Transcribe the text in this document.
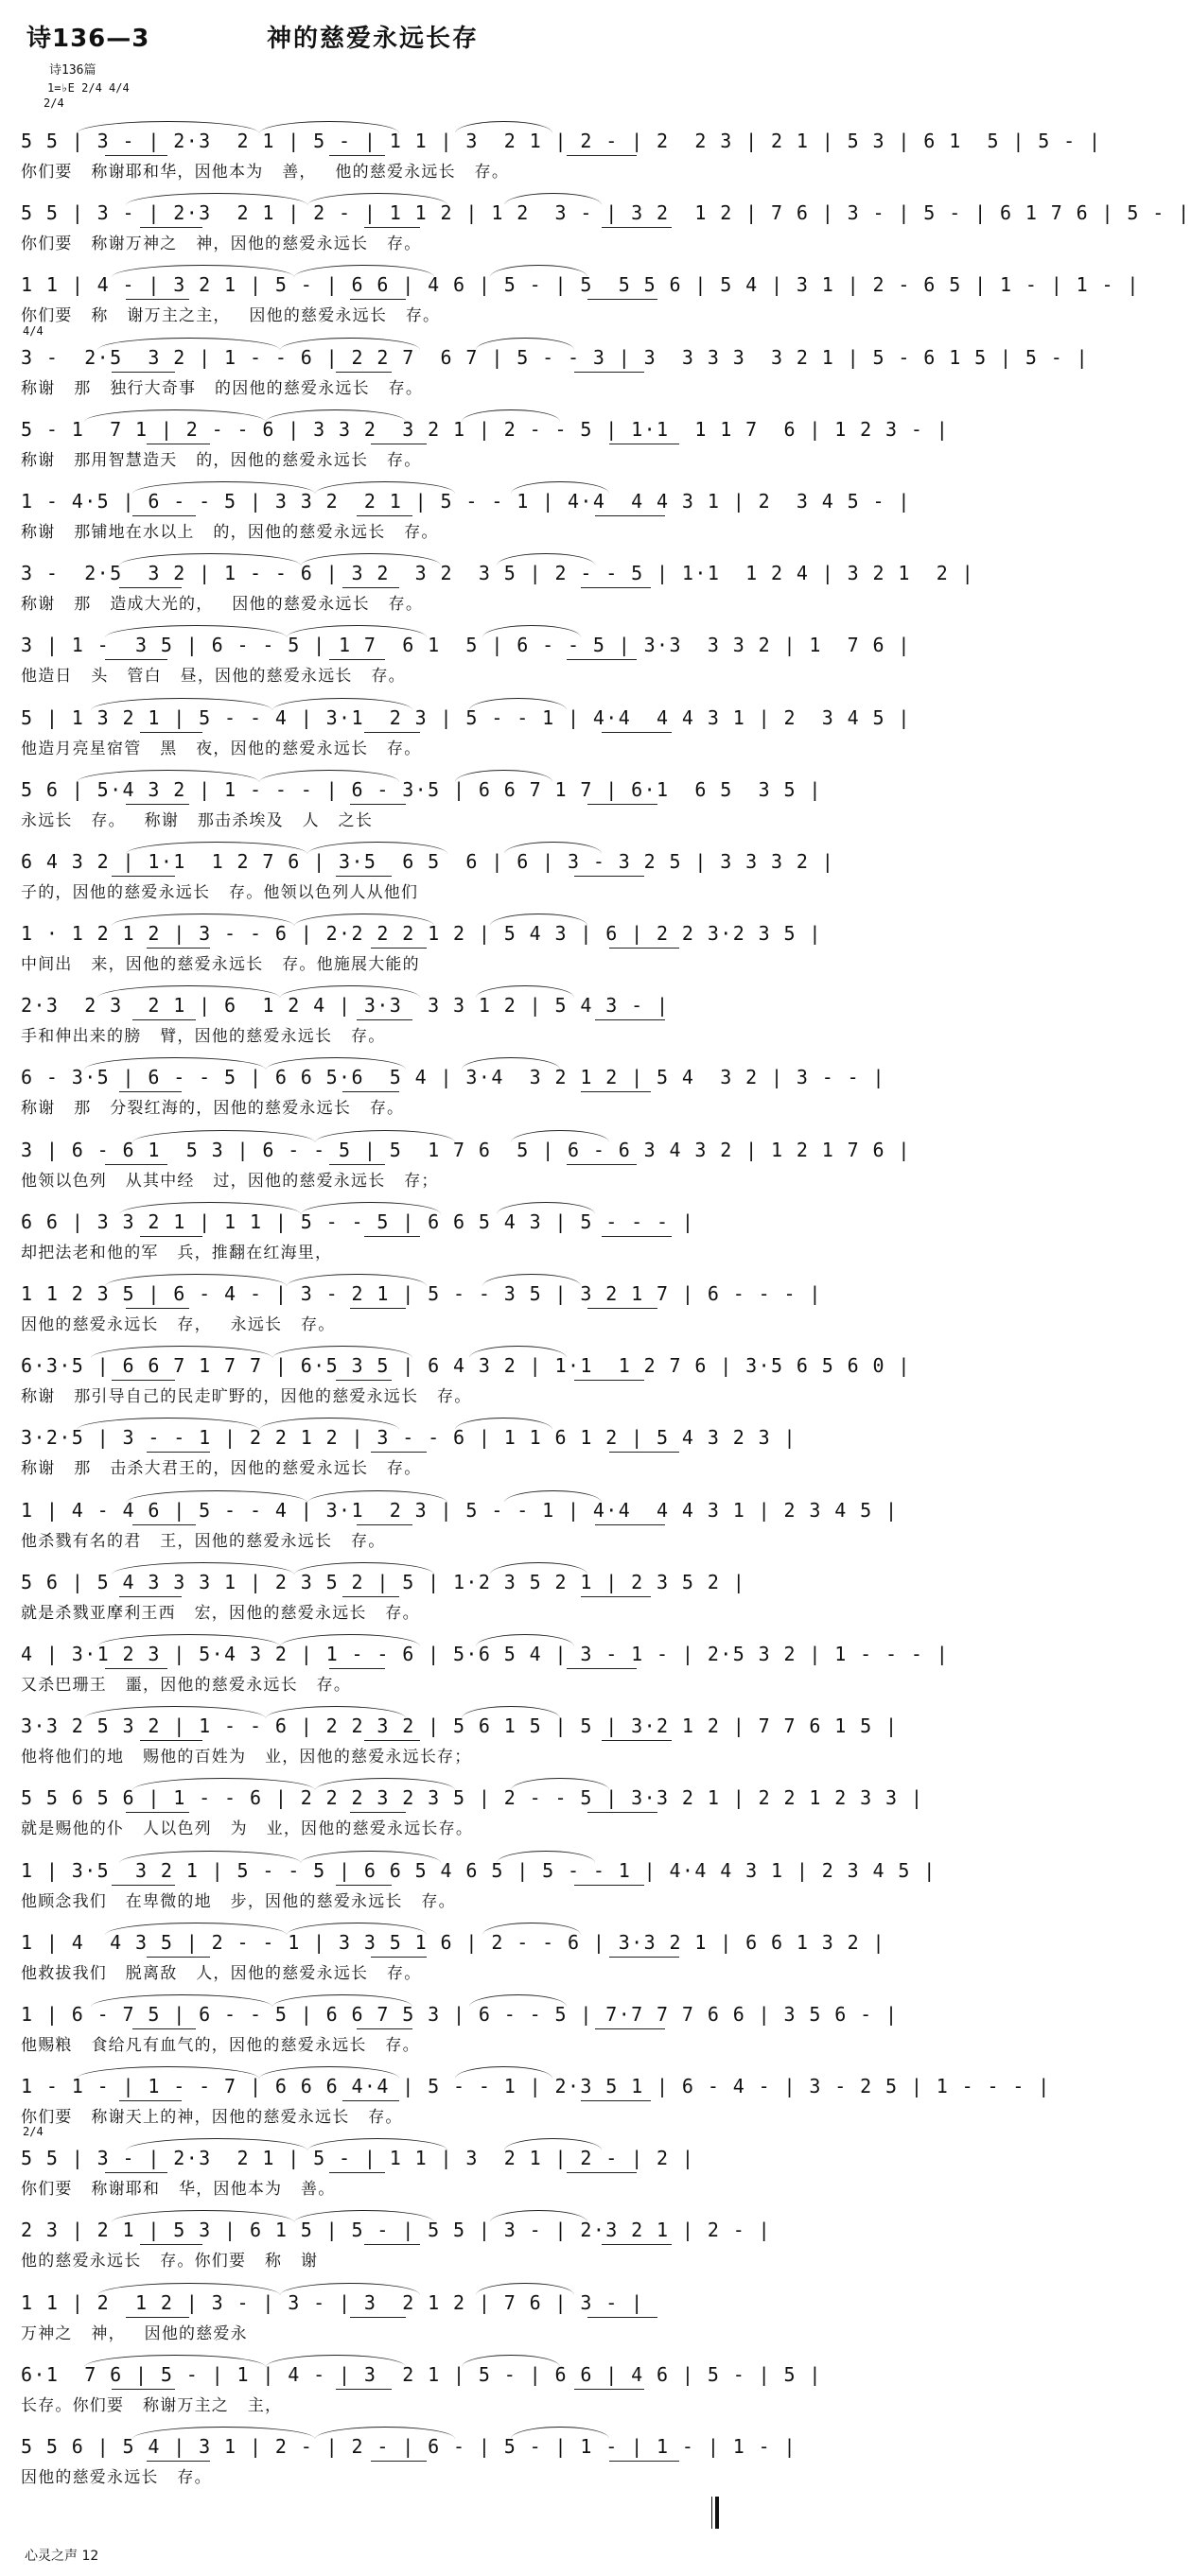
诗136—3	神的慈爱永远长存
诗136篇
1=♭E 2/4 4/4
2/4
5 5 | 3 - | 2·3  2 1 | 5 - | 1 1 | 3  2 1 | 2 - | 2  2 3 | 2 1 | 5 3 | 6 1  5 | 5 - |
你们要   称谢耶和华，因他本为   善，   他的慈爱永远长   存。
5 5 | 3 - | 2·3  2 1 | 2 - | 1 1 2 | 1 2  3 - | 3 2  1 2 | 7 6 | 3 - | 5 - | 6 1 7 6 | 5 - |
你们要   称谢万神之   神，因他的慈爱永远长   存。
1 1 | 4 - | 3 2 1 | 5 - | 6 6 | 4 6 | 5 - | 5  5 5 6 | 5 4 | 3 1 | 2 - 6 5 | 1 - | 1 - |
你们要   称   谢万主之主，   因他的慈爱永远长   存。
4/4
3 -  2·5  3 2 | 1 - - 6 | 2 2 7  6 7 | 5 - - 3 | 3  3 3 3  3 2 1 | 5 - 6 1 5 | 5 - |
称谢   那   独行大奇事   的因他的慈爱永远长   存。
5 - 1  7 1 | 2 - - 6 | 3 3 2  3 2 1 | 2 - - 5 | 1·1  1 1 7  6 | 1 2 3 - |
称谢   那用智慧造天   的，因他的慈爱永远长   存。
1 - 4·5 | 6 - - 5 | 3 3 2  2 1 | 5 - - 1 | 4·4  4 4 3 1 | 2  3 4 5 - |
称谢   那铺地在水以上   的，因他的慈爱永远长   存。
3 -  2·5  3 2 | 1 - - 6 | 3 2  3 2  3 5 | 2 - - 5 | 1·1  1 2 4 | 3 2 1  2 |
称谢   那   造成大光的，   因他的慈爱永远长   存。
3 | 1 -  3 5 | 6 - - 5 | 1 7  6 1  5 | 6 - - 5 | 3·3  3 3 2 | 1  7 6 |
他造日   头   管白   昼，因他的慈爱永远长   存。
5 | 1 3 2 1 | 5 - - 4 | 3·1  2 3 | 5 - - 1 | 4·4  4 4 3 1 | 2  3 4 5 |
他造月亮星宿管   黑   夜，因他的慈爱永远长   存。
5 6 | 5·4 3 2 | 1 - - - | 6 - 3·5 | 6 6 7 1 7 | 6·1  6 5  3 5 |
永远长   存。   称谢   那击杀埃及   人   之长
6 4 3 2 | 1·1  1 2 7 6 | 3·5  6 5  6 | 6 | 3 - 3 2 5 | 3 3 3 2 |
子的，因他的慈爱永远长   存。他领以色列人从他们
1 · 1 2 1 2 | 3 - - 6 | 2·2 2 2 1 2 | 5 4 3 | 6 | 2 2 3·2 3 5 |
中间出   来，因他的慈爱永远长   存。他施展大能的
2·3  2 3  2 1 | 6  1 2 4 | 3·3  3 3 1 2 | 5 4 3 - |
手和伸出来的膀   臂，因他的慈爱永远长   存。
6 - 3·5 | 6 - - 5 | 6 6 5·6  5 4 | 3·4  3 2 1 2 | 5 4  3 2 | 3 - - |
称谢   那   分裂红海的，因他的慈爱永远长   存。
3 | 6 - 6 1  5 3 | 6 - - 5 | 5  1 7 6  5 | 6 - 6 3 4 3 2 | 1 2 1 7 6 |
他领以色列   从其中经   过，因他的慈爱永远长   存；
6 6 | 3 3 2 1 | 1 1 | 5 - - 5 | 6 6 5 4 3 | 5 - - - |
却把法老和他的军   兵，推翻在红海里，
1 1 2 3 5 | 6 - 4 - | 3 - 2 1 | 5 - - 3 5 | 3 2 1 7 | 6 - - - |
因他的慈爱永远长   存，   永远长   存。
6·3·5 | 6 6 7 1 7 7 | 6·5 3 5 | 6 4 3 2 | 1·1  1 2 7 6 | 3·5 6 5 6 0 |
称谢   那引导自己的民走旷野的，因他的慈爱永远长   存。
3·2·5 | 3 - - 1 | 2 2 1 2 | 3 - - 6 | 1 1 6 1 2 | 5 4 3 2 3 |
称谢   那   击杀大君王的，因他的慈爱永远长   存。
1 | 4 - 4 6 | 5 - - 4 | 3·1  2 3 | 5 - - 1 | 4·4  4 4 3 1 | 2 3 4 5 |
他杀戮有名的君   王，因他的慈爱永远长   存。
5 6 | 5 4 3 3 3 1 | 2 3 5 2 | 5 | 1·2 3 5 2 1 | 2 3 5 2 |
就是杀戮亚摩利王西   宏，因他的慈爱永远长   存。
4 | 3·1 2 3 | 5·4 3 2 | 1 - - 6 | 5·6 5 4 | 3 - 1 - | 2·5 3 2 | 1 - - - |
又杀巴珊王   噩，因他的慈爱永远长   存。
3·3 2 5 3 2 | 1 - - 6 | 2 2 3 2 | 5 6 1 5 | 5 | 3·2 1 2 | 7 7 6 1 5 |
他将他们的地   赐他的百姓为   业，因他的慈爱永远长存；
5 5 6 5 6 | 1 - - 6 | 2 2 2 3 2 3 5 | 2 - - 5 | 3·3 2 1 | 2 2 1 2 3 3 |
就是赐他的仆   人以色列   为   业，因他的慈爱永远长存。
1 | 3·5  3 2 1 | 5 - - 5 | 6 6 5 4 6 5 | 5 - - 1 | 4·4 4 3 1 | 2 3 4 5 |
他顾念我们   在卑微的地   步，因他的慈爱永远长   存。
1 | 4  4 3 5 | 2 - - 1 | 3 3 5 1 6 | 2 - - 6 | 3·3 2 1 | 6 6 1 3 2 |
他救拔我们   脱离敌   人，因他的慈爱永远长   存。
1 | 6 - 7 5 | 6 - - 5 | 6 6 7 5 3 | 6 - - 5 | 7·7 7 7 6 6 | 3 5 6 - |
他赐粮   食给凡有血气的，因他的慈爱永远长   存。
1 - 1 - | 1 - - 7 | 6 6 6 4·4 | 5 - - 1 | 2·3 5 1 | 6 - 4 - | 3 - 2 5 | 1 - - - |
你们要   称谢天上的神，因他的慈爱永远长   存。
2/4
5 5 | 3 - | 2·3  2 1 | 5 - | 1 1 | 3  2 1 | 2 - | 2 |
你们要   称谢耶和   华，因他本为   善。
2 3 | 2 1 | 5 3 | 6 1 5 | 5 - | 5 5 | 3 - | 2·3 2 1 | 2 - |
他的慈爱永远长   存。你们要   称   谢
1 1 | 2  1 2 | 3 - | 3 - | 3  2 1 2 | 7 6 | 3 - |
万神之   神，   因他的慈爱永
6·1  7 6 | 5 - | 1 | 4 - | 3  2 1 | 5 - | 6 6 | 4 6 | 5 - | 5 |
长存。你们要   称谢万主之   主，
5 5 6 | 5 4 | 3 1 | 2 - | 2 - | 6 - | 5 - | 1 - | 1 - | 1 - |
因他的慈爱永远长   存。
心灵之声 12
